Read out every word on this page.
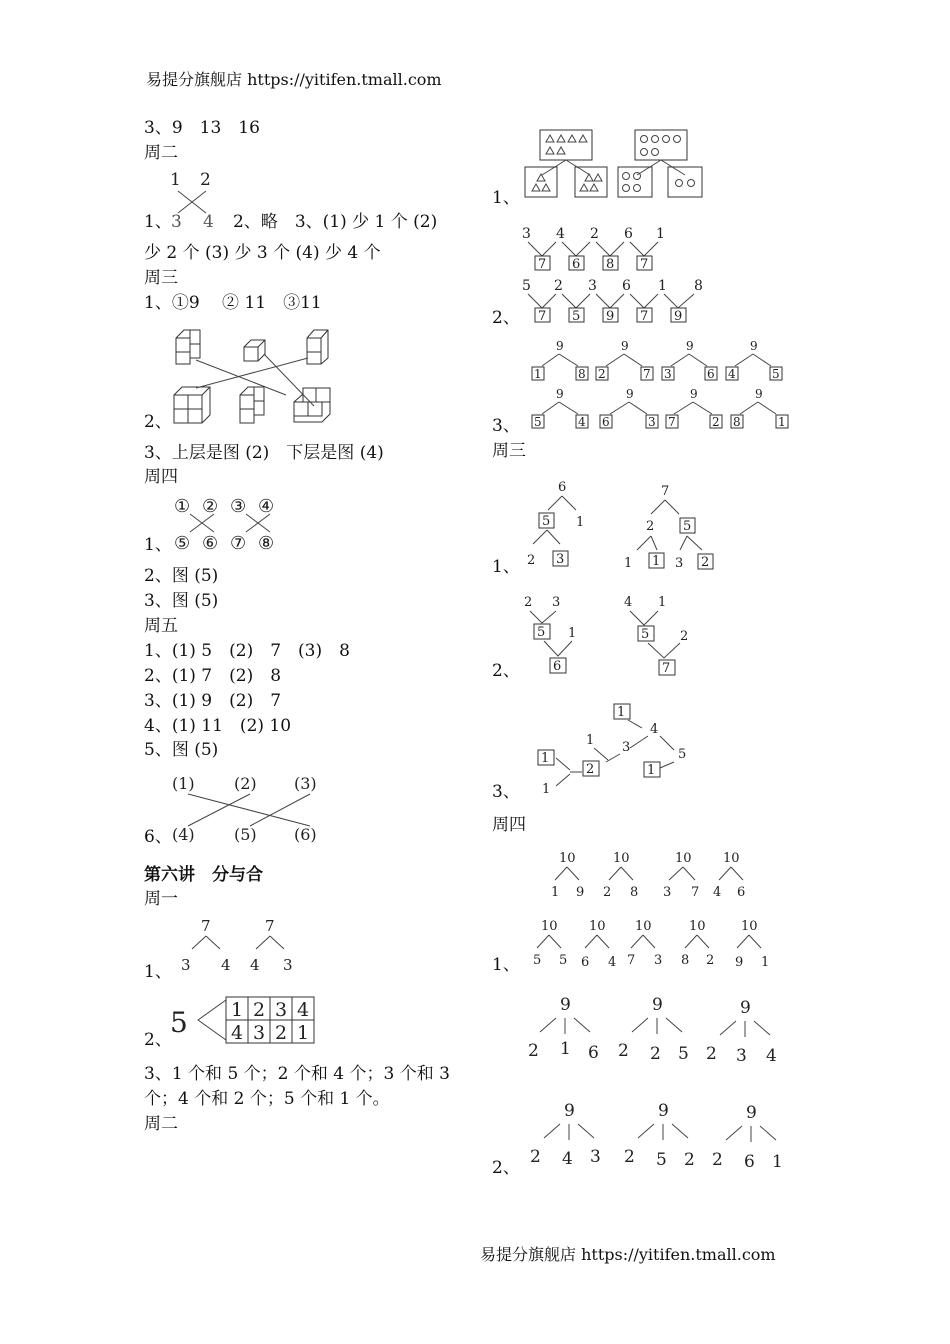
易提分旗舰店 https://yitifen.tmall.com
3、9　13　16
周二
1 2
1、 3 4 2、略　3、(1) 少 1 个 (2)
少 2 个 (3) 少 3 个 (4) 少 4 个
周三
1、①9　 ② 11　③11
2、
3、上层是图 (2)　下层是图 (4)
周四
① ② ③ ④
⑤ ⑥ ⑦ ⑧
1、
2、图 (5)
3、图 (5)
周五
1、(1) 5　(2)　7　(3)　8
2、(1) 7　(2)　8
3、(1) 9　(2)　7
4、(1) 11　(2) 10
5、图 (5)
(1) (2) (3)
(4) (5) (6)
6、
第六讲　分与合
周一
7
3 4
7
4 3
1、
5 1 2 3 4
4 3 2 1
2、
3、1 个和 5 个；2 个和 4 个；3 个和 3
个；4 个和 2 个；5 个和 1 个。
周二
1、
3 4 2 6 1
7 6 8 7
5 2 3 6 1 8
7 5 9 7 9
2、
9	9	9	9
1	8 2	7 3	6 4	5
9	9	9	9
5	4 6	3 7	2 8	1
3、
周三
6
5 1
2 3
7
2 5
1 1 3 2
1、
2 3
5 1
6
4 1
5 2
7
2、
1
4
1 3
1
2
5
1
1
3、
周四
10	10	10 10
1 9 2 8 3 7 4 6
10 10 10	10	10
5 5 6 4 7 3 8 2 9 1
1、
9	9	9
2 1 6 2 2 5 2 3 4
9	9	9
2 4 3 2 5 2 2 6 1
2、
易提分旗舰店 https://yitifen.tmall.com
